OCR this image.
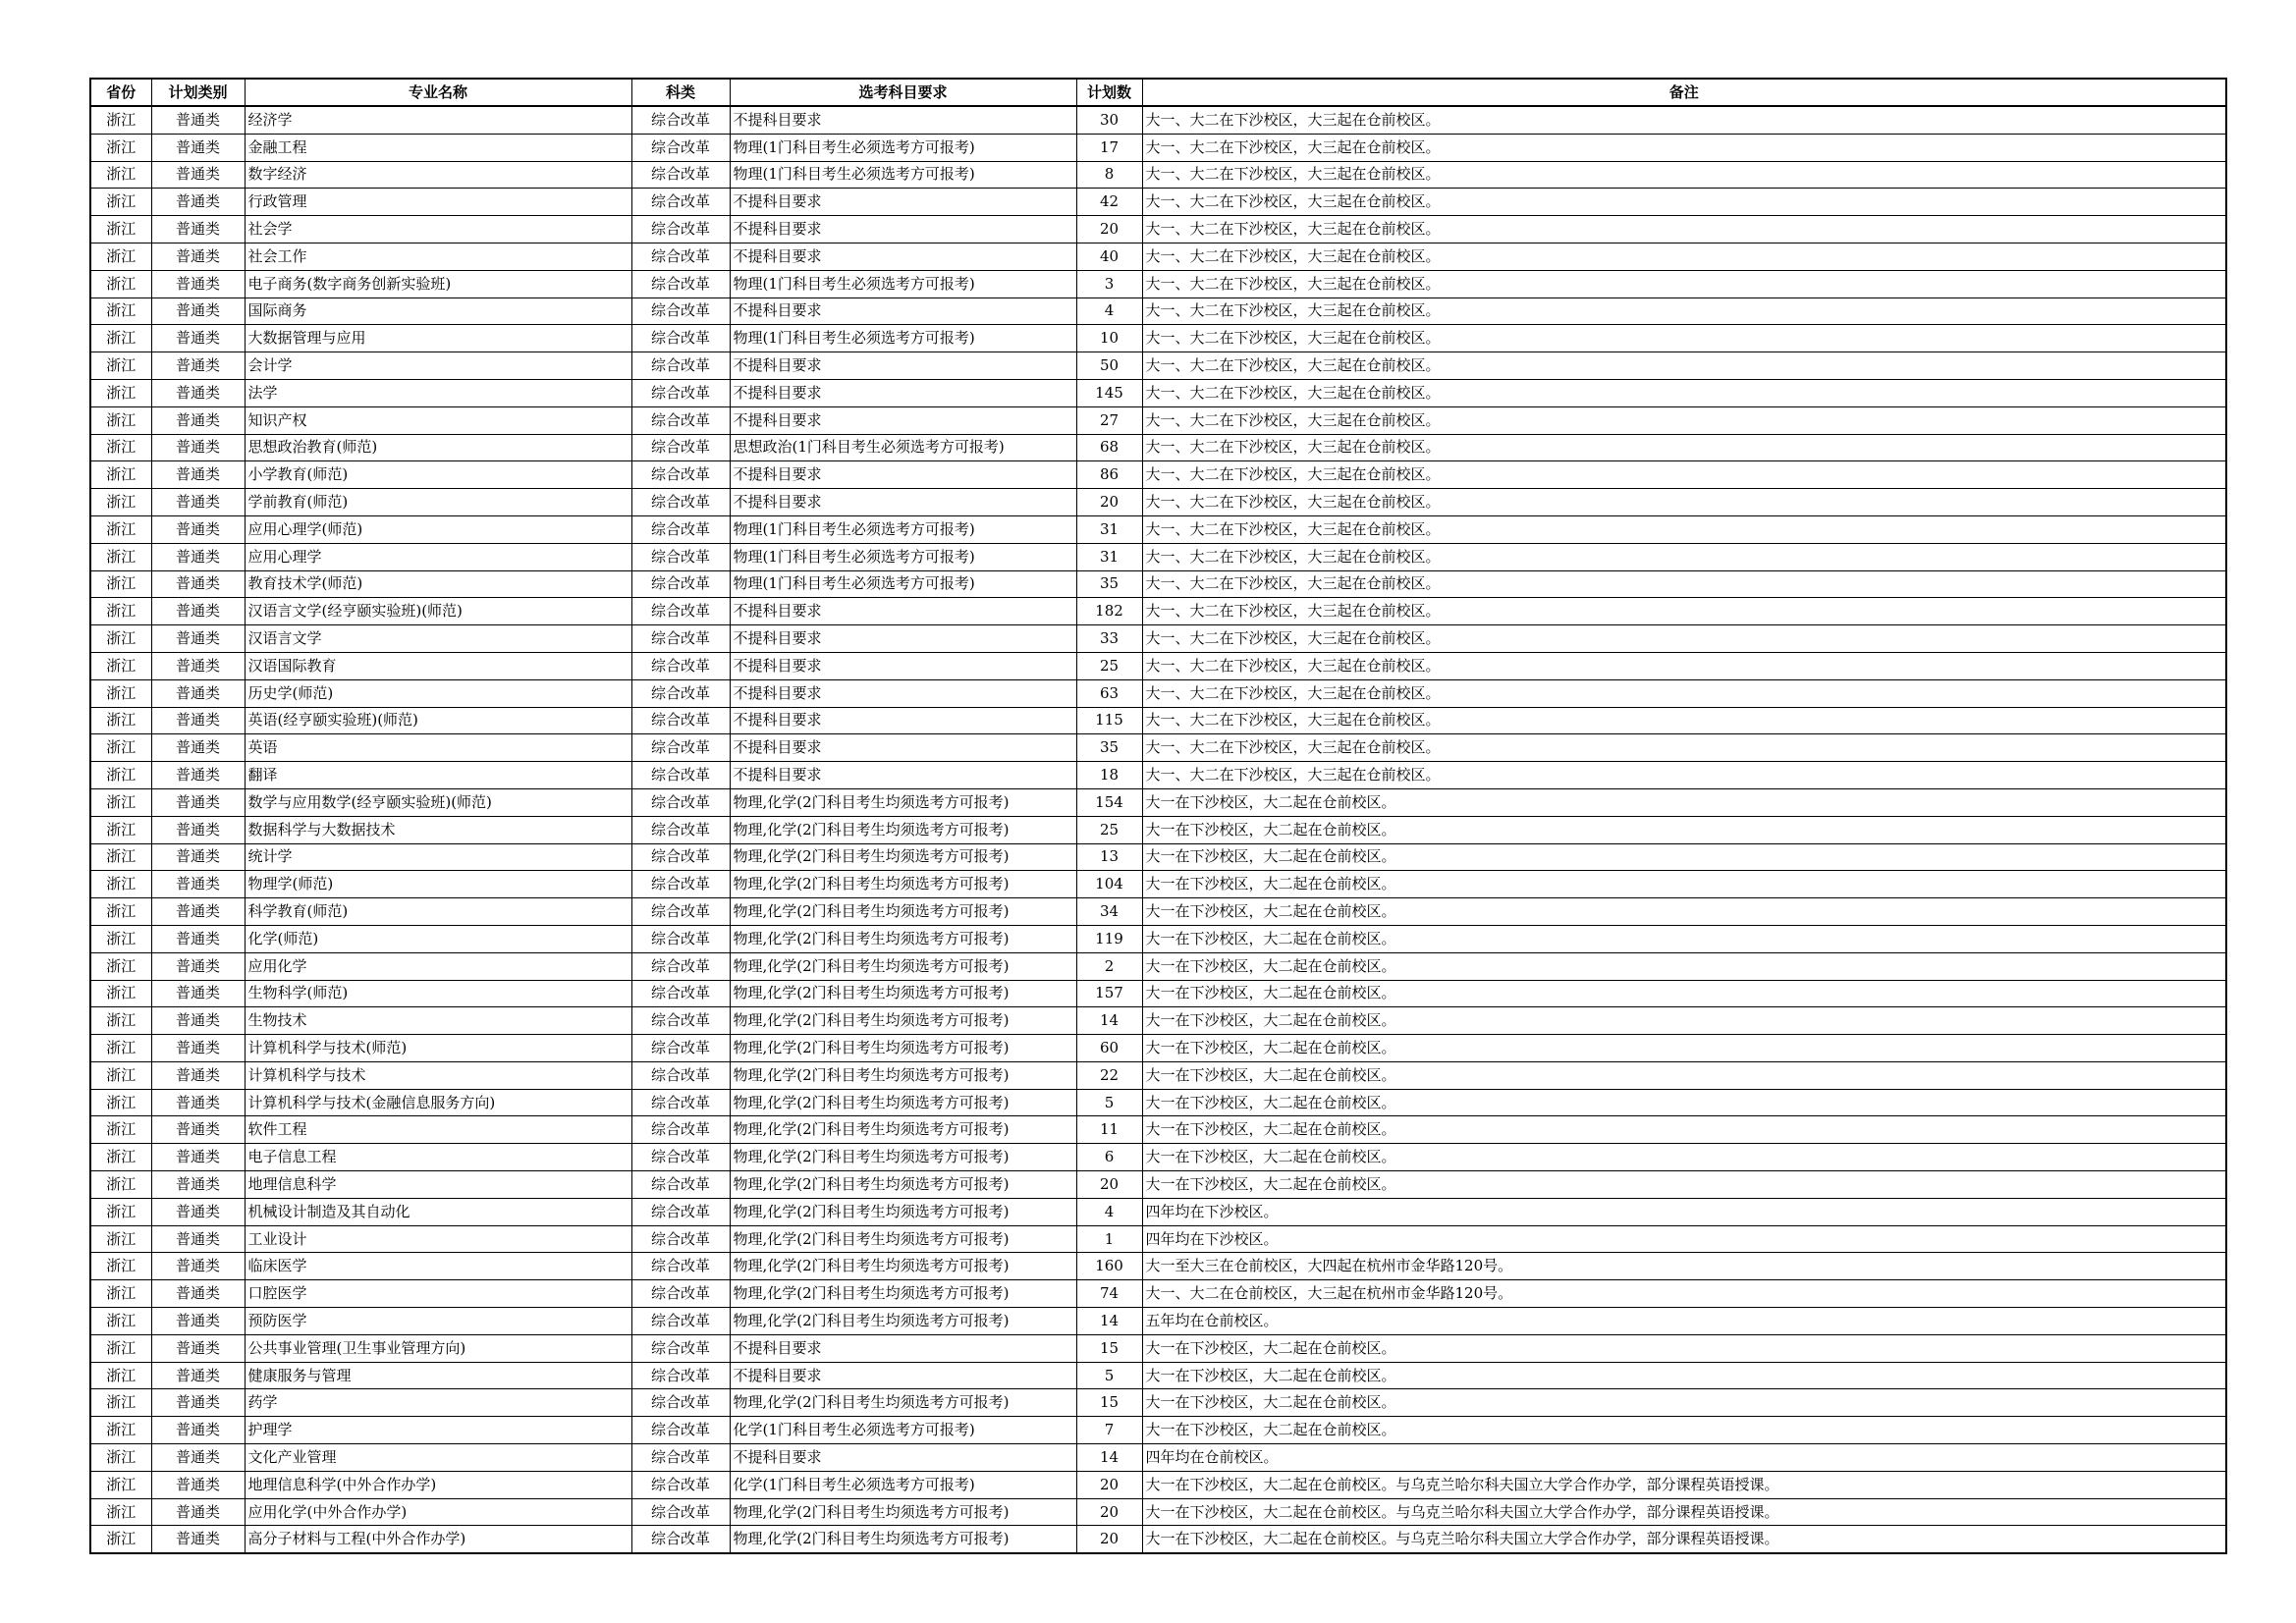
省份	计划类别	专业名称	科类	选考科目要求	计划数	备注
浙江	普通类	经济学	综合改革	不提科目要求	30	大一、大二在下沙校区，大三起在仓前校区。
浙江	普通类	金融工程	综合改革	物理(1门科目考生必须选考方可报考)	17	大一、大二在下沙校区，大三起在仓前校区。
浙江	普通类	数字经济	综合改革	物理(1门科目考生必须选考方可报考)	8	大一、大二在下沙校区，大三起在仓前校区。
浙江	普通类	行政管理	综合改革	不提科目要求	42	大一、大二在下沙校区，大三起在仓前校区。
浙江	普通类	社会学	综合改革	不提科目要求	20	大一、大二在下沙校区，大三起在仓前校区。
浙江	普通类	社会工作	综合改革	不提科目要求	40	大一、大二在下沙校区，大三起在仓前校区。
浙江	普通类	电子商务(数字商务创新实验班)	综合改革	物理(1门科目考生必须选考方可报考)	3	大一、大二在下沙校区，大三起在仓前校区。
浙江	普通类	国际商务	综合改革	不提科目要求	4	大一、大二在下沙校区，大三起在仓前校区。
浙江	普通类	大数据管理与应用	综合改革	物理(1门科目考生必须选考方可报考)	10	大一、大二在下沙校区，大三起在仓前校区。
浙江	普通类	会计学	综合改革	不提科目要求	50	大一、大二在下沙校区，大三起在仓前校区。
浙江	普通类	法学	综合改革	不提科目要求	145	大一、大二在下沙校区，大三起在仓前校区。
浙江	普通类	知识产权	综合改革	不提科目要求	27	大一、大二在下沙校区，大三起在仓前校区。
浙江	普通类	思想政治教育(师范)	综合改革	思想政治(1门科目考生必须选考方可报考)	68	大一、大二在下沙校区，大三起在仓前校区。
浙江	普通类	小学教育(师范)	综合改革	不提科目要求	86	大一、大二在下沙校区，大三起在仓前校区。
浙江	普通类	学前教育(师范)	综合改革	不提科目要求	20	大一、大二在下沙校区，大三起在仓前校区。
浙江	普通类	应用心理学(师范)	综合改革	物理(1门科目考生必须选考方可报考)	31	大一、大二在下沙校区，大三起在仓前校区。
浙江	普通类	应用心理学	综合改革	物理(1门科目考生必须选考方可报考)	31	大一、大二在下沙校区，大三起在仓前校区。
浙江	普通类	教育技术学(师范)	综合改革	物理(1门科目考生必须选考方可报考)	35	大一、大二在下沙校区，大三起在仓前校区。
浙江	普通类	汉语言文学(经亨颐实验班)(师范)	综合改革	不提科目要求	182	大一、大二在下沙校区，大三起在仓前校区。
浙江	普通类	汉语言文学	综合改革	不提科目要求	33	大一、大二在下沙校区，大三起在仓前校区。
浙江	普通类	汉语国际教育	综合改革	不提科目要求	25	大一、大二在下沙校区，大三起在仓前校区。
浙江	普通类	历史学(师范)	综合改革	不提科目要求	63	大一、大二在下沙校区，大三起在仓前校区。
浙江	普通类	英语(经亨颐实验班)(师范)	综合改革	不提科目要求	115	大一、大二在下沙校区，大三起在仓前校区。
浙江	普通类	英语	综合改革	不提科目要求	35	大一、大二在下沙校区，大三起在仓前校区。
浙江	普通类	翻译	综合改革	不提科目要求	18	大一、大二在下沙校区，大三起在仓前校区。
浙江	普通类	数学与应用数学(经亨颐实验班)(师范)	综合改革	物理,化学(2门科目考生均须选考方可报考)	154	大一在下沙校区，大二起在仓前校区。
浙江	普通类	数据科学与大数据技术	综合改革	物理,化学(2门科目考生均须选考方可报考)	25	大一在下沙校区，大二起在仓前校区。
浙江	普通类	统计学	综合改革	物理,化学(2门科目考生均须选考方可报考)	13	大一在下沙校区，大二起在仓前校区。
浙江	普通类	物理学(师范)	综合改革	物理,化学(2门科目考生均须选考方可报考)	104	大一在下沙校区，大二起在仓前校区。
浙江	普通类	科学教育(师范)	综合改革	物理,化学(2门科目考生均须选考方可报考)	34	大一在下沙校区，大二起在仓前校区。
浙江	普通类	化学(师范)	综合改革	物理,化学(2门科目考生均须选考方可报考)	119	大一在下沙校区，大二起在仓前校区。
浙江	普通类	应用化学	综合改革	物理,化学(2门科目考生均须选考方可报考)	2	大一在下沙校区，大二起在仓前校区。
浙江	普通类	生物科学(师范)	综合改革	物理,化学(2门科目考生均须选考方可报考)	157	大一在下沙校区，大二起在仓前校区。
浙江	普通类	生物技术	综合改革	物理,化学(2门科目考生均须选考方可报考)	14	大一在下沙校区，大二起在仓前校区。
浙江	普通类	计算机科学与技术(师范)	综合改革	物理,化学(2门科目考生均须选考方可报考)	60	大一在下沙校区，大二起在仓前校区。
浙江	普通类	计算机科学与技术	综合改革	物理,化学(2门科目考生均须选考方可报考)	22	大一在下沙校区，大二起在仓前校区。
浙江	普通类	计算机科学与技术(金融信息服务方向)	综合改革	物理,化学(2门科目考生均须选考方可报考)	5	大一在下沙校区，大二起在仓前校区。
浙江	普通类	软件工程	综合改革	物理,化学(2门科目考生均须选考方可报考)	11	大一在下沙校区，大二起在仓前校区。
浙江	普通类	电子信息工程	综合改革	物理,化学(2门科目考生均须选考方可报考)	6	大一在下沙校区，大二起在仓前校区。
浙江	普通类	地理信息科学	综合改革	物理,化学(2门科目考生均须选考方可报考)	20	大一在下沙校区，大二起在仓前校区。
浙江	普通类	机械设计制造及其自动化	综合改革	物理,化学(2门科目考生均须选考方可报考)	4	四年均在下沙校区。
浙江	普通类	工业设计	综合改革	物理,化学(2门科目考生均须选考方可报考)	1	四年均在下沙校区。
浙江	普通类	临床医学	综合改革	物理,化学(2门科目考生均须选考方可报考)	160	大一至大三在仓前校区，大四起在杭州市金华路120号。
浙江	普通类	口腔医学	综合改革	物理,化学(2门科目考生均须选考方可报考)	74	大一、大二在仓前校区，大三起在杭州市金华路120号。
浙江	普通类	预防医学	综合改革	物理,化学(2门科目考生均须选考方可报考)	14	五年均在仓前校区。
浙江	普通类	公共事业管理(卫生事业管理方向)	综合改革	不提科目要求	15	大一在下沙校区，大二起在仓前校区。
浙江	普通类	健康服务与管理	综合改革	不提科目要求	5	大一在下沙校区，大二起在仓前校区。
浙江	普通类	药学	综合改革	物理,化学(2门科目考生均须选考方可报考)	15	大一在下沙校区，大二起在仓前校区。
浙江	普通类	护理学	综合改革	化学(1门科目考生必须选考方可报考)	7	大一在下沙校区，大二起在仓前校区。
浙江	普通类	文化产业管理	综合改革	不提科目要求	14	四年均在仓前校区。
浙江	普通类	地理信息科学(中外合作办学)	综合改革	化学(1门科目考生必须选考方可报考)	20	大一在下沙校区，大二起在仓前校区。与乌克兰哈尔科夫国立大学合作办学，部分课程英语授课。
浙江	普通类	应用化学(中外合作办学)	综合改革	物理,化学(2门科目考生均须选考方可报考)	20	大一在下沙校区，大二起在仓前校区。与乌克兰哈尔科夫国立大学合作办学，部分课程英语授课。
浙江	普通类	高分子材料与工程(中外合作办学)	综合改革	物理,化学(2门科目考生均须选考方可报考)	20	大一在下沙校区，大二起在仓前校区。与乌克兰哈尔科夫国立大学合作办学，部分课程英语授课。
